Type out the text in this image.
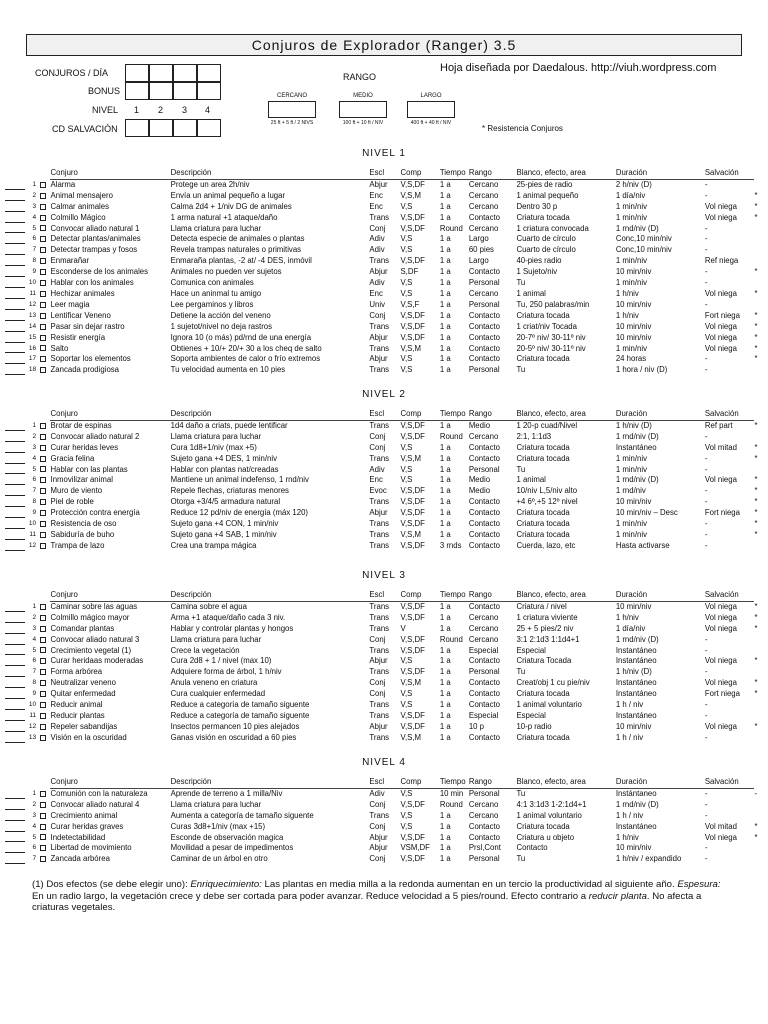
Conjuros de Explorador (Ranger) 3.5
CONJUROS / DÍA
BONUS
NIVEL 1 2 3 4
CD SALVACIÓN
RANGO
CERCANO	MEDIO	LARGO
25 ft + 5 ft / 2 NIVS	100 ft + 10 ft / NIV	400 ft + 40 ft / NIV
Hoja diseñada por Daedalous. http://viuh.wordpress.com
* Resistencia Conjuros
NIVEL 1
			Conjuro	Descripción	Escl	Comp	Tiempo	Rango	Blanco, efecto, area	Duración	Salvación	

	1		Alarma	Protege un area 2h/niv	Abjur	V,S,DF	1 a	Cercano	25-pies de radio	2 h/niv (D)	-	

	2		Animal mensajero	Envía un animal pequeño a lugar	Enc	V,S,M	1 a	Cercano	1 animal pequeño	1 día/niv	-	*

	3		Calmar animales	Calma 2d4 + 1/niv DG de animales	Enc	V,S	1 a	Cercano	Dentro 30 p	1 min/niv	Vol niega	*

	4		Colmillo Mágico	1 arma natural +1 ataque/daño	Trans	V,S,DF	1 a	Contacto	Criatura tocada	1 min/niv	Vol niega	*

	5		Convocar aliado natural 1	Llama criatura para luchar	Conj	V,S,DF	Round	Cercano	1 criatura convocada	1 rnd/niv (D)	-	

	6		Detectar plantas/animales	Detecta especie de animales o plantas	Adiv	V,S	1 a	Largo	Cuarto de círculo	Conc,10 min/niv	-	

	7		Detectar trampas y fosos	Revela trampas naturales o primitivas	Adiv	V,S	1 a	60 pies	Cuarto de círculo	Conc,10 min/niv	-	

	8		Enmarañar	Enmaraña plantas, -2 at/ -4 DES, inmóvil	Trans	V,S,DF	1 a	Largo	40-pies radio	1 min/niv	Ref niega	

	9		Esconderse de los animales	Animales no pueden ver sujetos	Abjur	S,DF	1 a	Contacto	1 Sujeto/niv	10 min/niv	-	*

	10		Hablar con los animales	Comunica con animales	Adiv	V,S	1 a	Personal	Tu	1 min/niv	-	

	11		Hechizar animales	Hace un aninmal tu amigo	Enc	V,S	1 a	Cercano	1 animal	1 h/niv	Vol niega	*

	12		Leer magia	Lee pergaminos y libros	Univ	V,S,F	1 a	Personal	Tu, 250 palabras/min	10 min/niv	-	

	13		Lentificar Veneno	Detiene la acción del veneno	Conj	V,S,DF	1 a	Contacto	Criatura tocada	1 h/niv	Fort niega	*

	14		Pasar sin dejar rastro	1 sujetot/nivel no deja rastros	Trans	V,S,DF	1 a	Contacto	1 criat/niv Tocada	10 min/niv	Vol niega	*

	15		Resistir energía	Ignora 10 (o más) pd/rnd de una energía	Abjur	V,S,DF	1 a	Contacto	20-7º niv/ 30-11º niv	10 min/niv	Vol niega	*

	16		Salto	Obtienes + 10/+ 20/+ 30 a los cheq de salto	Trans	V,S,M	1 a	Contacto	20-5º niv/ 30-11º niv	1 min/niv	Vol niega	*

	17		Soportar los elementos	Soporta ambientes de calor o frío extremos	Abjur	V,S	1 a	Contacto	Criatura tocada	24 horas	-	*

	18		Zancada prodigiosa	Tu velocidad aumenta en 10 pies	Trans	V,S	1 a	Personal	Tu	1 hora / niv (D)	-	
NIVEL 2
			Conjuro	Descripción	Escl	Comp	Tiempo	Rango	Blanco, efecto, area	Duración	Salvación	

	1		Brotar de espinas	1d4 daño a criats, puede lentificar	Trans	V,S,DF	1 a	Medio	1 20-p cuad/Nivel	1 h/niv (D)	Ref part	*

	2		Convocar aliado natural 2	Llama criatura para luchar	Conj	V,S,DF	Round	Cercano	2:1, 1:1d3	1 rnd/niv (D)	-	

	3		Curar heridas leves	Cura 1d8+1/niv (max +5)	Conj	V,S	1 a	Contacto	Criatura tocada	Instantáneo	Vol mitad	*

	4		Gracia felina	Sujeto gana +4 DES, 1 min/niv	Trans	V,S,M	1 a	Contacto	Criatura tocada	1 min/niv	-	*

	5		Hablar con las plantas	Hablar con plantas nat/creadas	Adiv	V,S	1 a	Personal	Tu	1 min/niv	-	

	6		Inmovilizar animal	Mantiene un animal indefenso, 1 rnd/niv	Enc	V,S	1 a	Medio	1 animal	1 rnd/niv (D)	Vol niega	*

	7		Muro de viento	Repele flechas, criaturas menores	Evoc	V,S,DF	1 a	Medio	10/niv L,5/niv alto	1 rnd/niv	-	*

	8		Piel de roble	Otorga +3/4/5 armadura natural	Trans	V,S,DF	1 a	Contacto	+4 6º,+5 12º nivel	10 min/niv	-	*

	9		Protección contra energía	Reduce 12 pd/niv de energía (máx 120)	Abjur	V,S,DF	1 a	Contacto	Criatura tocada	10 min/niv – Desc	Fort niega	*

	10		Resistencia de oso	Sujeto gana +4 CON, 1 min/niv	Trans	V,S,DF	1 a	Contacto	Criatura tocada	1 min/niv	-	*

	11		Sabiduría de buho	Sujeto gana +4 SAB, 1 min/niv	Trans	V,S,M	1 a	Contacto	Criatura tocada	1 min/niv	-	*

	12		Trampa de lazo	Crea una trampa mágica	Trans	V,S,DF	3 rnds	Contacto	Cuerda, lazo, etc	Hasta activarse	-	
NIVEL 3
			Conjuro	Descripción	Escl	Comp	Tiempo	Rango	Blanco, efecto, area	Duración	Salvación	

	1		Caminar sobre las aguas	Camina sobre el agua	Trans	V,S,DF	1 a	Contacto	Criatura / nivel	10 min/niv	Vol niega	*

	2		Colmillo mágico mayor	Arma +1 ataque/daño cada 3 niv.	Trans	V,S,DF	1 a	Cercano	1 criatura viviente	1 h/niv	Vol niega	*

	3		Comandar plantas	Hablar y controlar plantas y hongos	Trans	V	1 a	Cercano	25 + 5 pies/2 niv	1 día/niv	Vol niega	*

	4		Convocar aliado natural 3	Llama criatura para luchar	Conj	V,S,DF	Round	Cercano	3:1 2:1d3 1:1d4+1	1 rnd/niv (D)	-	

	5		Crecimiento vegetal (1)	Crece la vegetación	Trans	V,S,DF	1 a	Especial	Especial	Instantáneo	-	

	6		Curar heridaas moderadas	Cura 2d8 + 1 / nivel (max 10)	Abjur	V,S	1 a	Contacto	Criatura Tocada	Instantáneo	Vol niega	*

	7		Forma arbórea	Adquiere forma de árbol, 1 h/niv	Trans	V,S,DF	1 a	Personal	Tu	1 h/niv (D)	-	

	8		Neutralizar veneno	Anula veneno en criatura	Conj	V,S,M	1 a	Contacto	Creat/obj 1 cu pie/niv	Instantáneo	Vol niega	*

	9		Quitar enfermedad	Cura cualquier enfermedad	Conj	V,S	1 a	Contacto	Criatura tocada	Instantáneo	Fort niega	*

	10		Reducir animal	Reduce a categoría de tamaño siguente	Trans	V,S	1 a	Contacto	1 animal voluntario	1 h / niv	-	

	11		Reducir plantas	Reduce a categoría de tamaño siguente	Trans	V,S,DF	1 a	Especial	Especial	Instantáneo	-	

	12		Repeler sabandijas	Insectos permancen 10 pies alejados	Abjur	V,S,DF	1 a	10 p	10-p radio	10 min/niv	Vol niega	*

	13		Visión en la oscuridad	Ganas visión en oscuridad a 60 pies	Trans	V,S,M	1 a	Contacto	Criatura tocada	1 h / niv	-	
NIVEL 4
			Conjuro	Descripción	Escl	Comp	Tiempo	Rango	Blanco, efecto, area	Duración	Salvación	

	1		Comunión con la naturaleza	Aprende de terreno a 1 milla/Niv	Adiv	V,S	10 min	Personal	Tu	Instántaneo	-	-

	2		Convocar aliado natural 4	Llama criatura para luchar	Conj	V,S,DF	Round	Cercano	4:1 3:1d3 1-2:1d4+1	1 rnd/niv (D)	-	

	3		Crecimiento animal	Aumenta a categoría de tamaño siguente	Trans	V,S	1 a	Cercano	1 animal voluntario	1 h / niv	-	

	4		Curar heridas graves	Curas 3d8+1/niv (max +15)	Conj	V,S	1 a	Contacto	Criatura tocada	Instantáneo	Vol mitad	*

	5		Indetectabilidad	Esconde de observación magica	Abjur	V,S,DF	1 a	Contacto	Criatura u objeto	1 h/niv	Vol niega	*

	6		Libertad de movimiento	Movilidad a pesar de impedimentos	Abjur	VSM,DF	1 a	Prsl,Cont	Contacto	10 min/niv	-	

	7		Zancada arbórea	Caminar de un árbol en otro	Conj	V,S,DF	1 a	Personal	Tu	1 h/niv / expandido	-	
(1) Dos efectos (se debe elegir uno): Enriquecimiento: Las plantas en media milla a la redonda aumentan en un tercio la productividad al siguiente año. Espesura: En un radio largo, la vegetación crece y debe ser cortada para poder avanzar. Reduce velocidad a 5 pies/round. Efecto contrario a reducir planta. No afecta a criaturas vegetales.
